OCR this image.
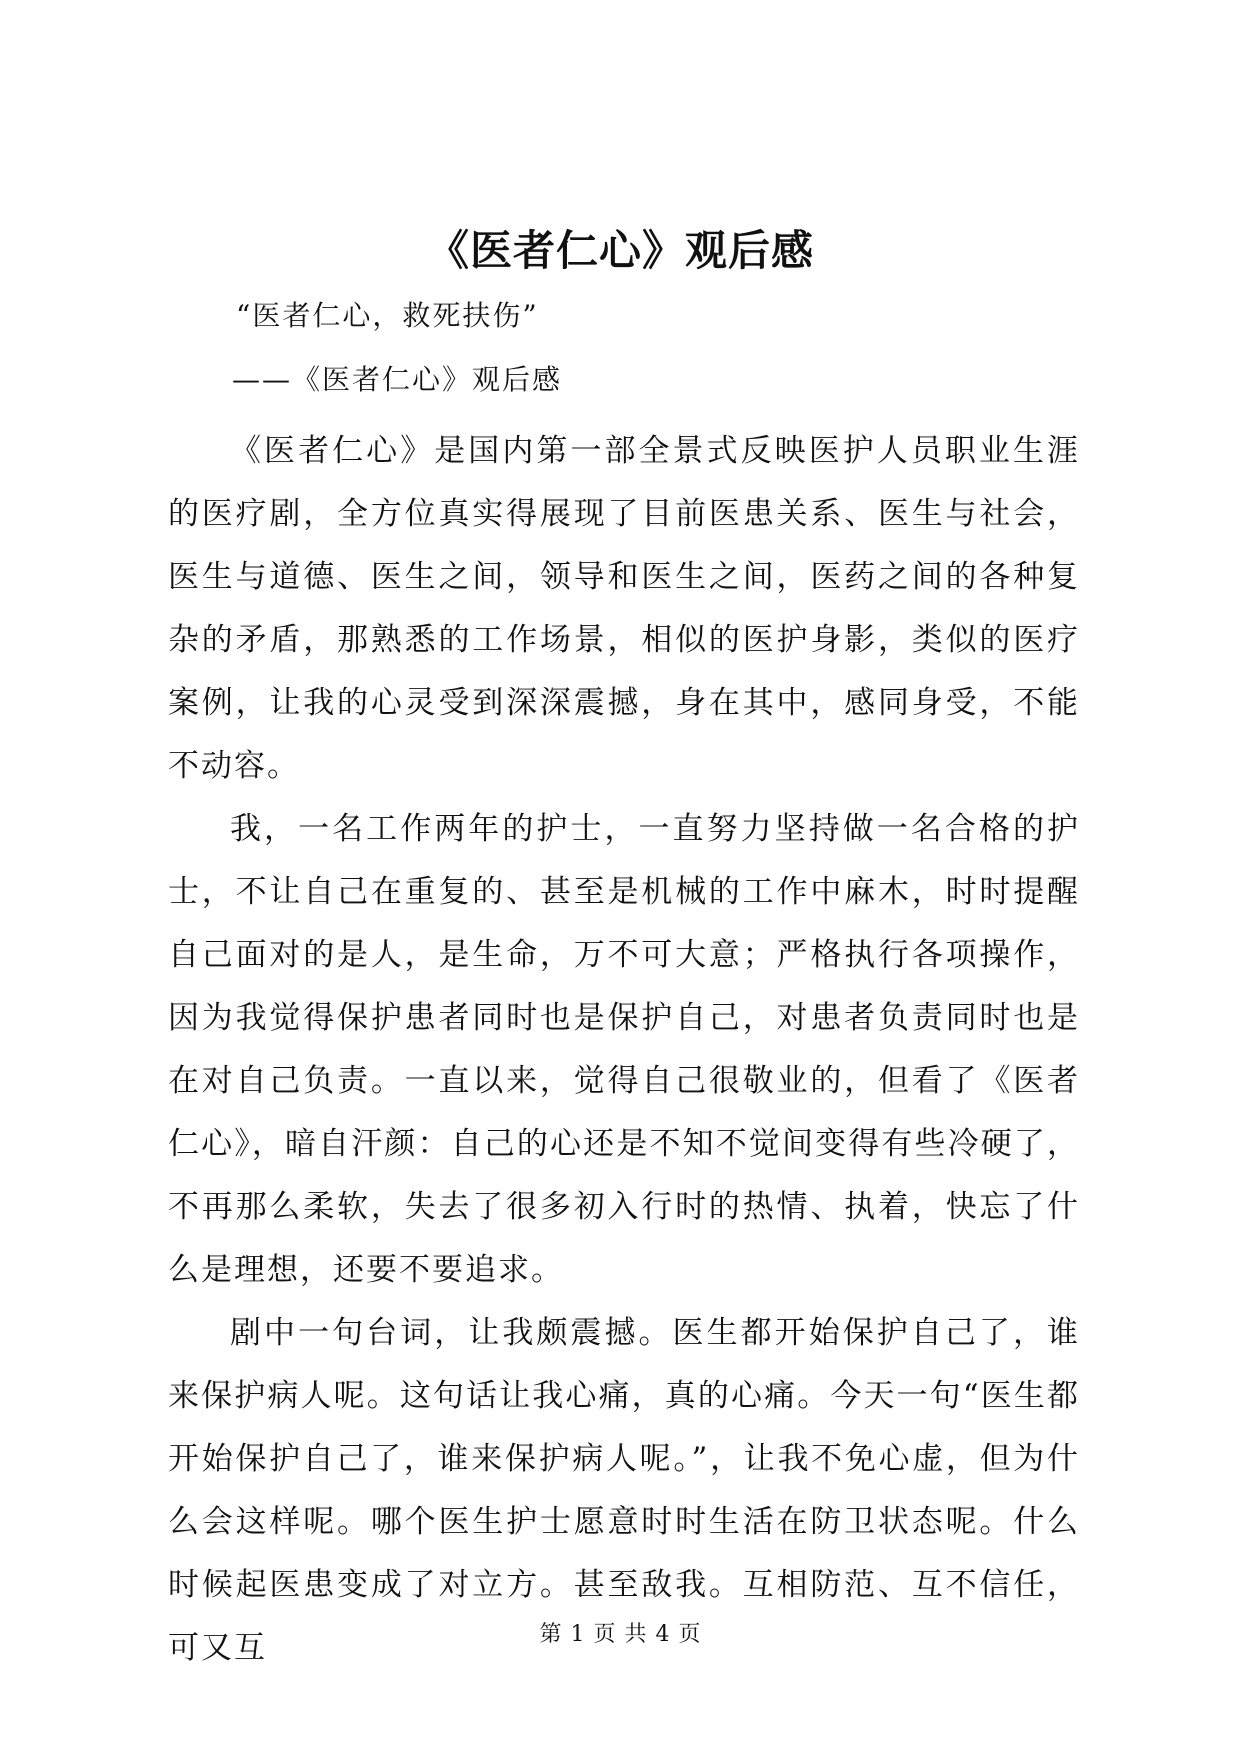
《医者仁心》观后感
“医者仁心，救死扶伤”
——《医者仁心》观后感

《医者仁心》是国内第一部全景式反映医护人员职业生涯的医疗剧，全方位真实得展现了目前医患关系、医生与社会，医生与道德、医生之间，领导和医生之间，医药之间的各种复杂的矛盾，那熟悉的工作场景，相似的医护身影，类似的医疗案例，让我的心灵受到深深震撼，身在其中，感同身受，不能不动容。

我，一名工作两年的护士，一直努力坚持做一名合格的护士，不让自己在重复的、甚至是机械的工作中麻木，时时提醒自己面对的是人，是生命，万不可大意；严格执行各项操作，因为我觉得保护患者同时也是保护自己，对患者负责同时也是在对自己负责。一直以来，觉得自己很敬业的，但看了《医者仁心》，暗自汗颜：自己的心还是不知不觉间变得有些冷硬了，不再那么柔软，失去了很多初入行时的热情、执着，快忘了什么是理想，还要不要追求。

剧中一句台词，让我颇震撼。医生都开始保护自己了，谁来保护病人呢。这句话让我心痛，真的心痛。今天一句“医生都开始保护自己了，谁来保护病人呢。”，让我不免心虚，但为什么会这样呢。哪个医生护士愿意时时生活在防卫状态呢。什么时候起医患变成了对立方。甚至敌我。互相防范、互不信任，可又互	第 1 页 共 4 页
